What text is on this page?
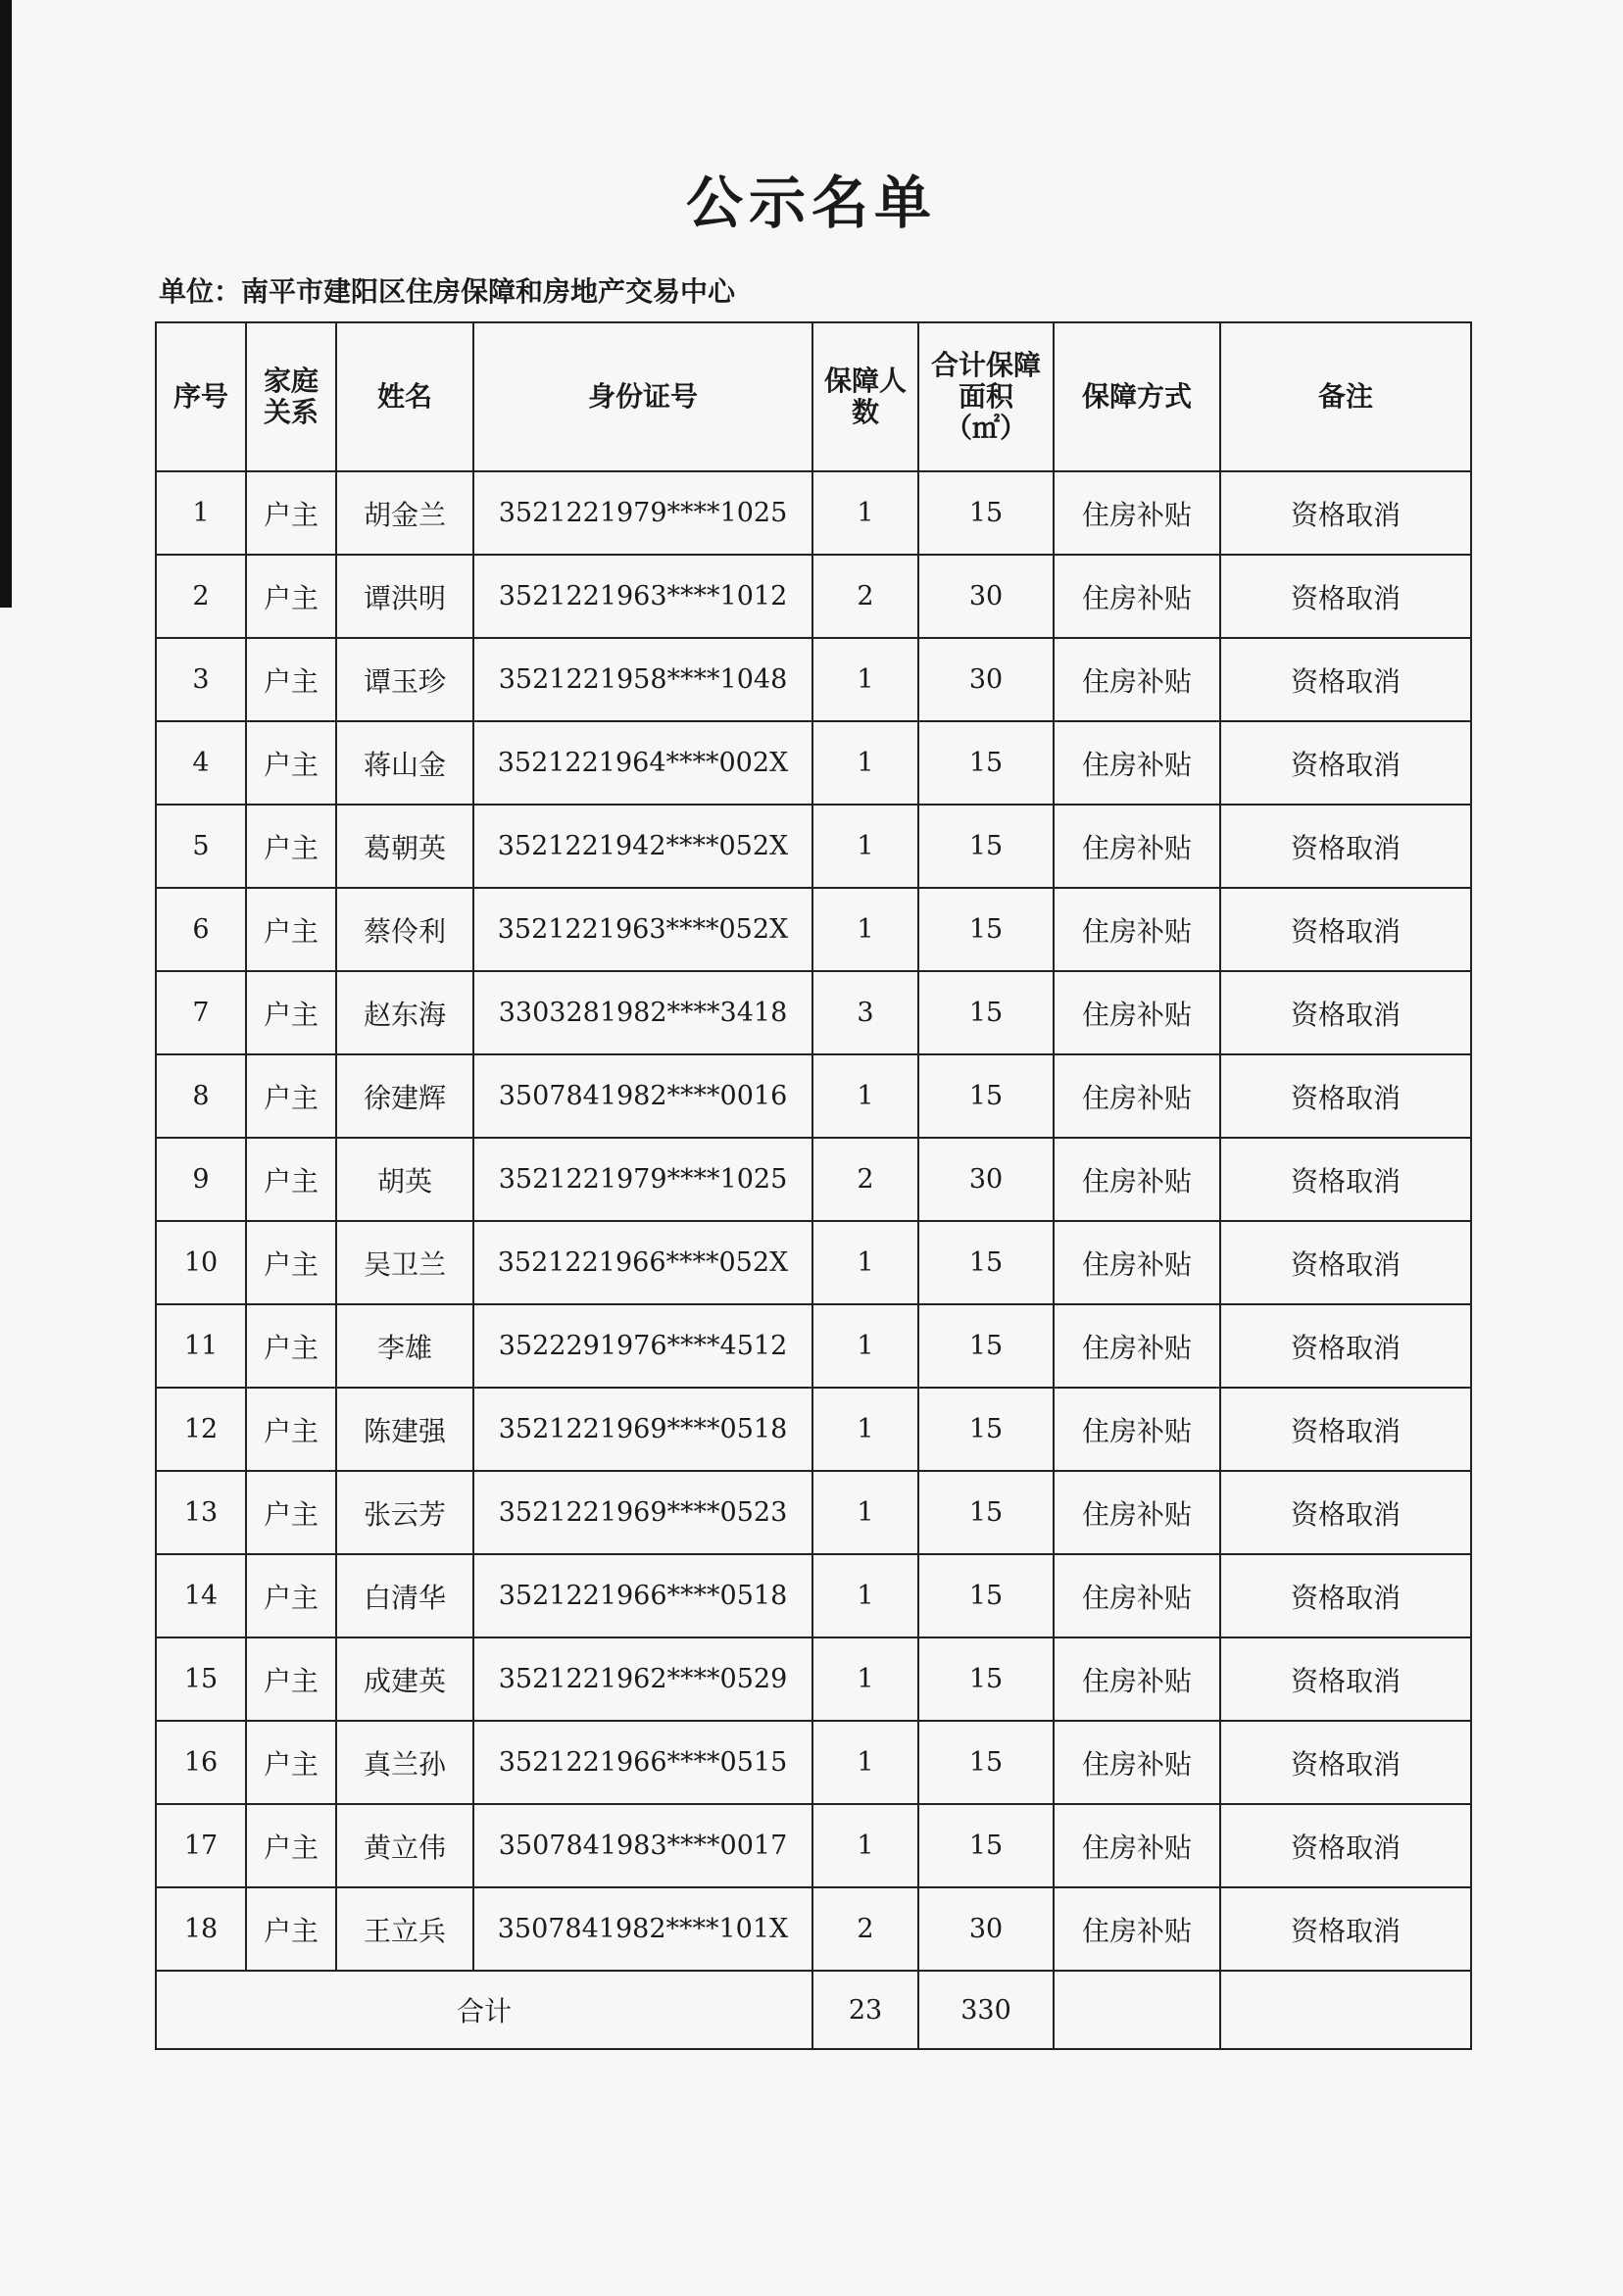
公示名单
单位：南平市建阳区住房保障和房地产交易中心
序号	家庭关系	姓名	身份证号	保障人数	合计保障面积（㎡）	保障方式	备注
1	户主	胡金兰	3521221979****1025	1	15	住房补贴	资格取消
2	户主	谭洪明	3521221963****1012	2	30	住房补贴	资格取消
3	户主	谭玉珍	3521221958****1048	1	30	住房补贴	资格取消
4	户主	蒋山金	3521221964****002X	1	15	住房补贴	资格取消
5	户主	葛朝英	3521221942****052X	1	15	住房补贴	资格取消
6	户主	蔡伶利	3521221963****052X	1	15	住房补贴	资格取消
7	户主	赵东海	3303281982****3418	3	15	住房补贴	资格取消
8	户主	徐建辉	3507841982****0016	1	15	住房补贴	资格取消
9	户主	胡英	3521221979****1025	2	30	住房补贴	资格取消
10	户主	吴卫兰	3521221966****052X	1	15	住房补贴	资格取消
11	户主	李雄	3522291976****4512	1	15	住房补贴	资格取消
12	户主	陈建强	3521221969****0518	1	15	住房补贴	资格取消
13	户主	张云芳	3521221969****0523	1	15	住房补贴	资格取消
14	户主	白清华	3521221966****0518	1	15	住房补贴	资格取消
15	户主	成建英	3521221962****0529	1	15	住房补贴	资格取消
16	户主	真兰孙	3521221966****0515	1	15	住房补贴	资格取消
17	户主	黄立伟	3507841983****0017	1	15	住房补贴	资格取消
18	户主	王立兵	3507841982****101X	2	30	住房补贴	资格取消
合计				23	330		
